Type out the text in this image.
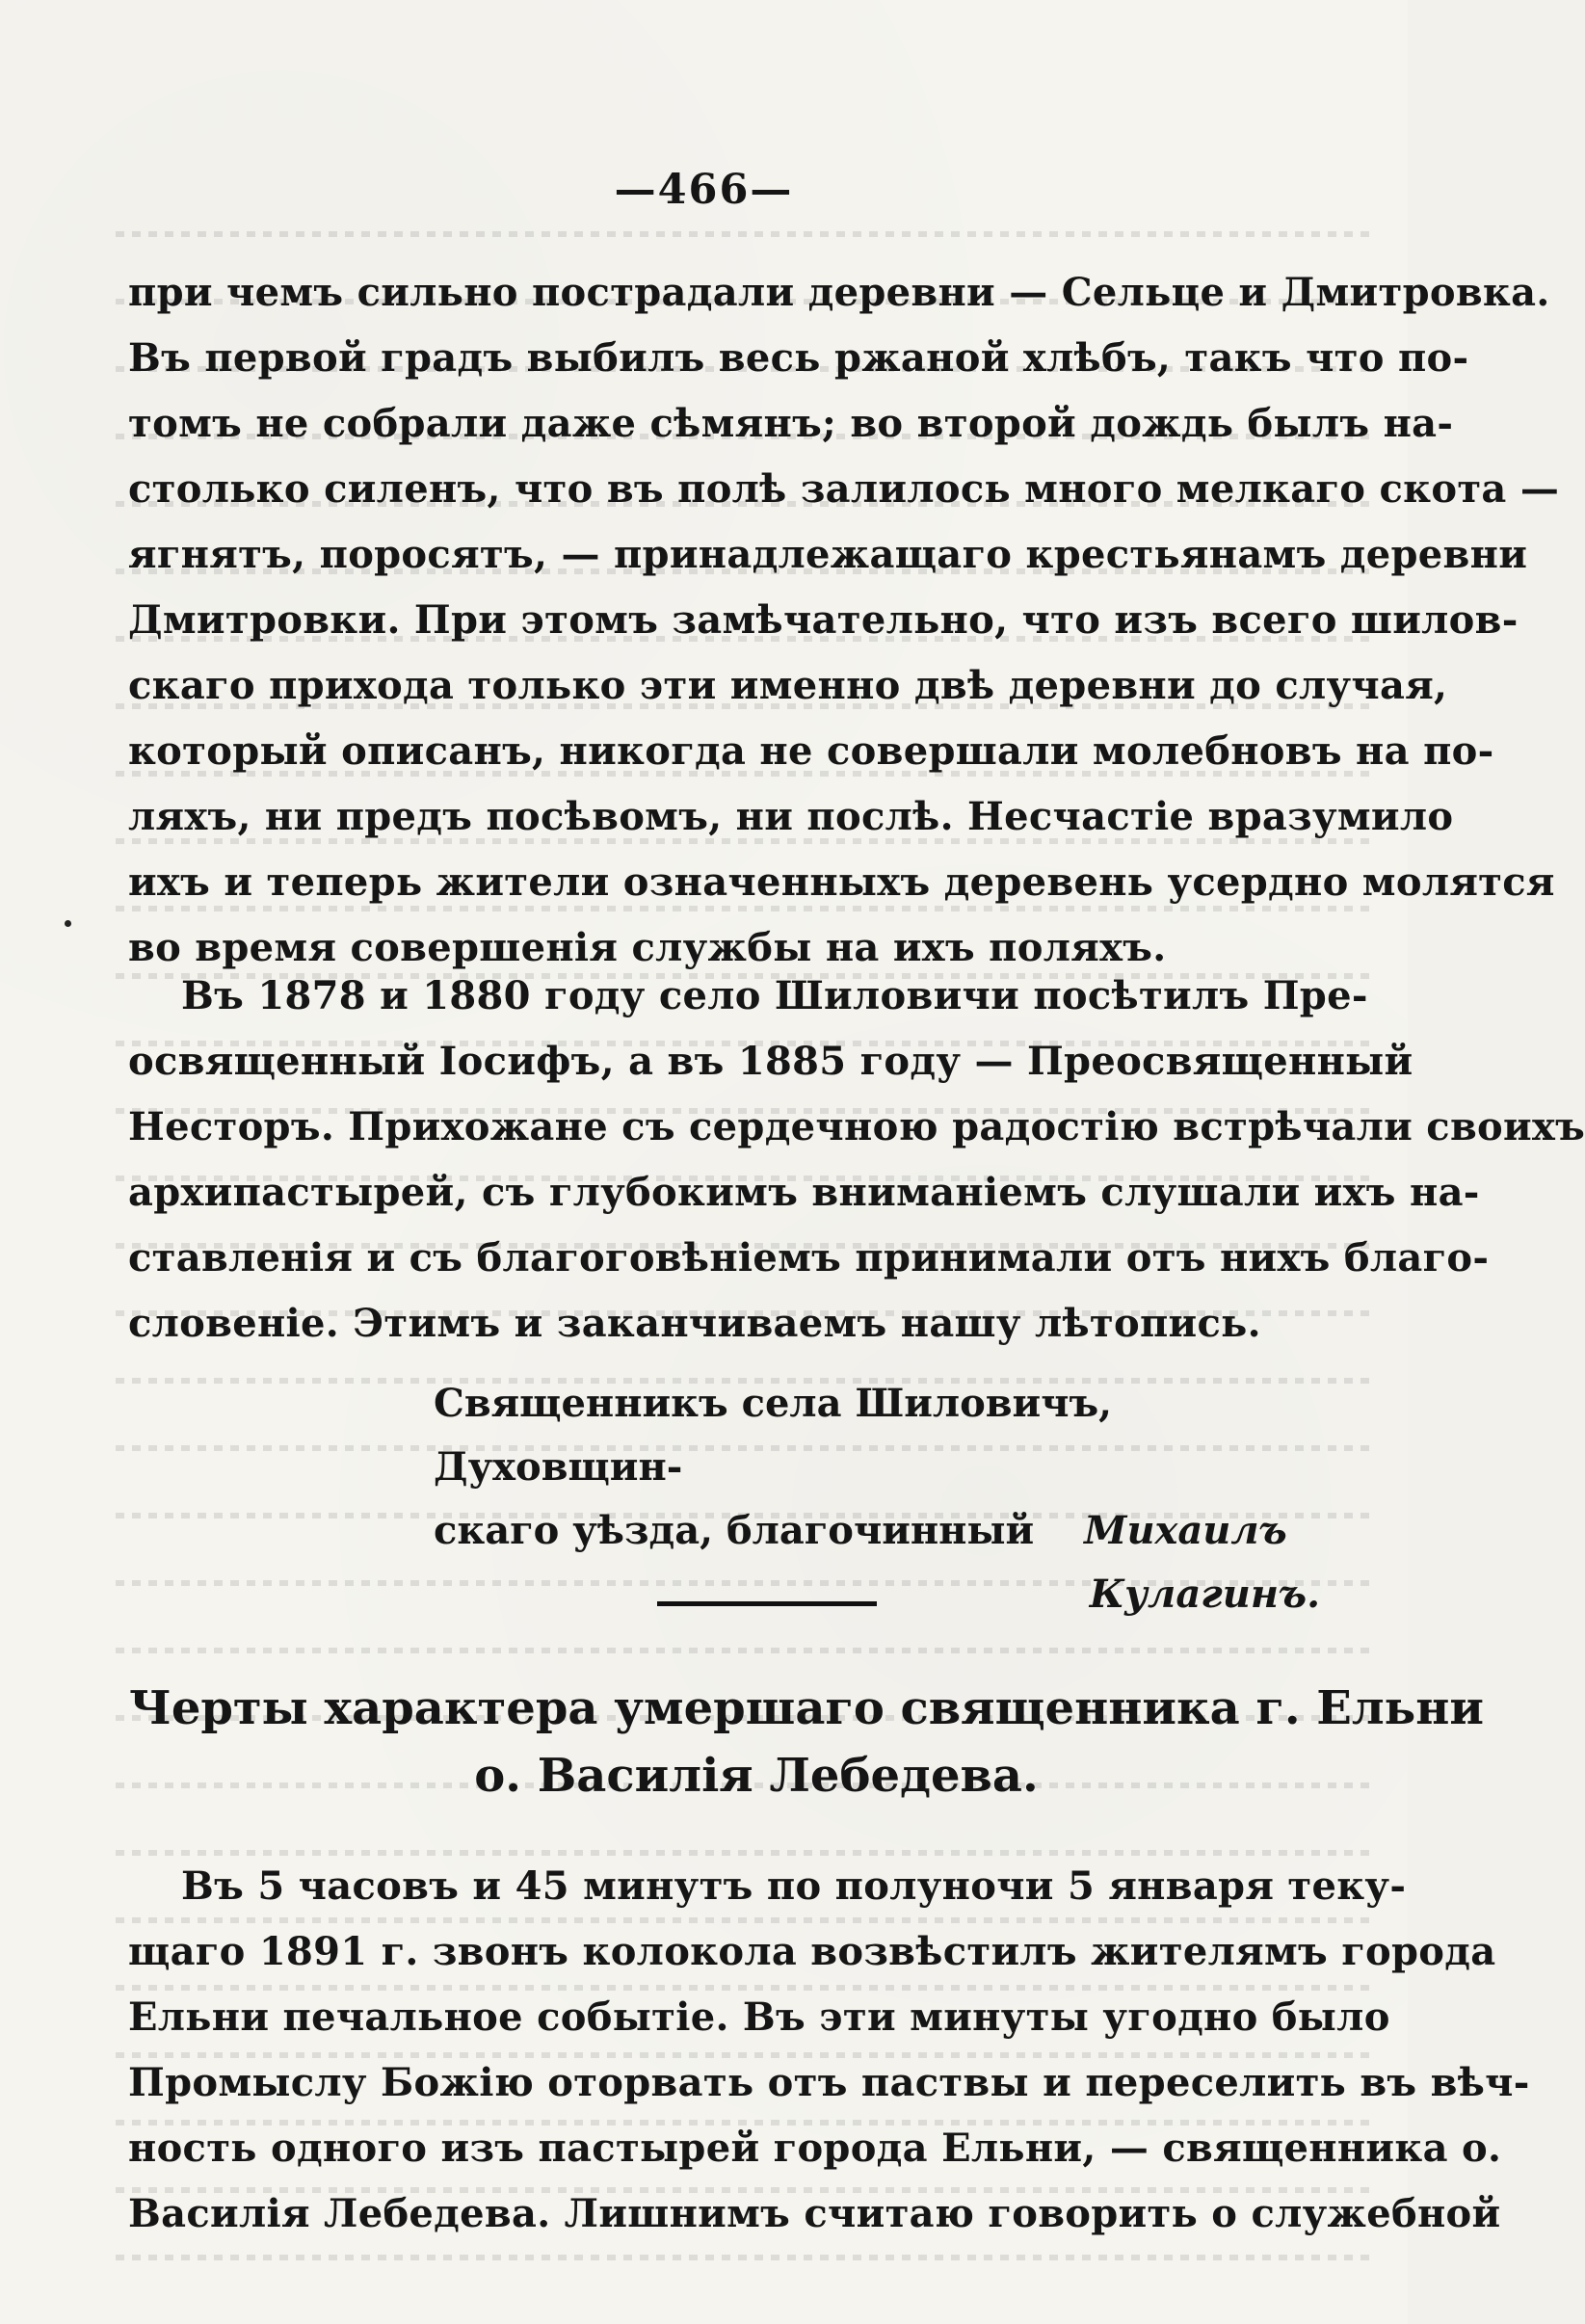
—466—
при чемъ сильно пострадали деревни — Сельце и Дмитровка.
Въ первой градъ выбилъ весь ржаной хлѣбъ, такъ что по-
томъ не собрали даже сѣмянъ; во второй дождь былъ на-
столько силенъ, что въ полѣ залилось много мелкаго скота —
ягнятъ, поросятъ, — принадлежащаго крестьянамъ деревни
Дмитровки. При этомъ замѣчательно, что изъ всего шилов-
скаго прихода только эти именно двѣ деревни до случая,
который описанъ, никогда не совершали молебновъ на по-
ляхъ, ни предъ посѣвомъ, ни послѣ. Несчастіе вразумило
ихъ и теперь жители означенныхъ деревень усердно молятся
во время совершенія службы на ихъ поляхъ.
Въ 1878 и 1880 году село Шиловичи посѣтилъ Пре-
освященный Іосифъ, а въ 1885 году — Преосвященный
Несторъ. Прихожане съ сердечною радостію встрѣчали своихъ
архипастырей, съ глубокимъ вниманіемъ слушали ихъ на-
ставленія и съ благоговѣніемъ принимали отъ нихъ благо-
словеніе. Этимъ и заканчиваемъ нашу лѣтопись.
Священникъ села Шиловичъ, Духовщин-
скаго уѣзда, благочинный Михаилъ
Кулагинъ.
Черты характера умершаго священника г. Ельни
о. Василія Лебедева.
Въ 5 часовъ и 45 минутъ по полуночи 5 января теку-
щаго 1891 г. звонъ колокола возвѣстилъ жителямъ города
Ельни печальное событіе. Въ эти минуты угодно было
Промыслу Божію оторвать отъ паствы и переселить въ вѣч-
ность одного изъ пастырей города Ельни, — священника о.
Василія Лебедева. Лишнимъ считаю говорить о служебной
